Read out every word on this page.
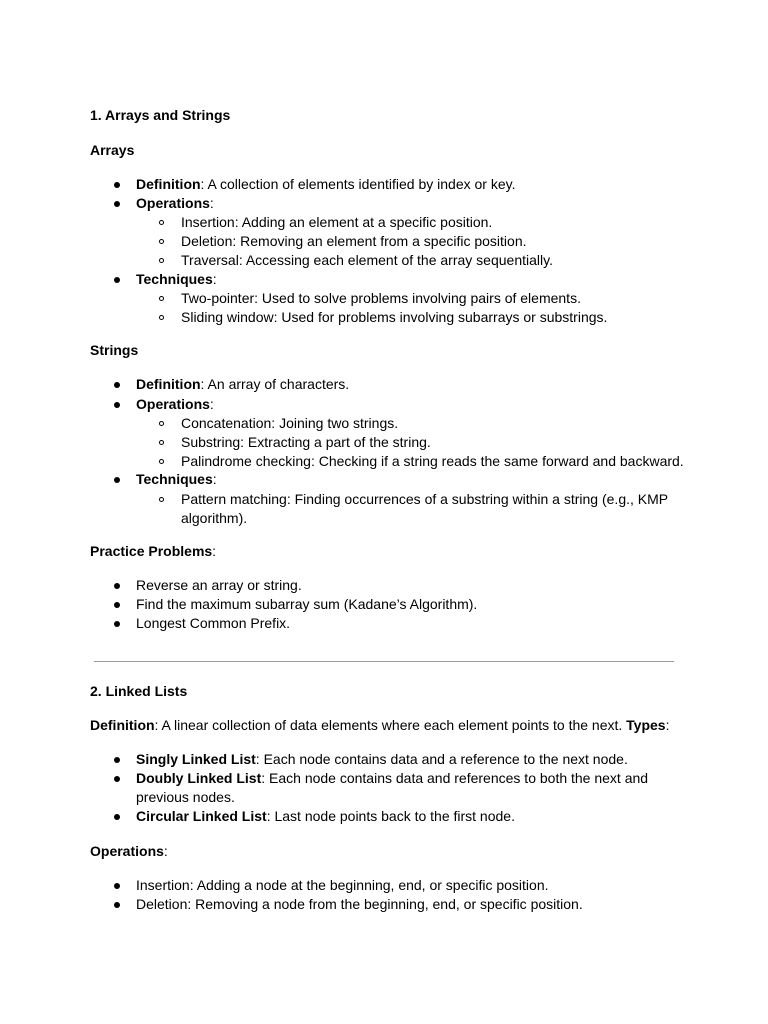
1. Arrays and Strings
Arrays
Definition: A collection of elements identified by index or key.
Operations:
Insertion: Adding an element at a specific position.
Deletion: Removing an element from a specific position.
Traversal: Accessing each element of the array sequentially.
Techniques:
Two-pointer: Used to solve problems involving pairs of elements.
Sliding window: Used for problems involving subarrays or substrings.
Strings
Definition: An array of characters.
Operations:
Concatenation: Joining two strings.
Substring: Extracting a part of the string.
Palindrome checking: Checking if a string reads the same forward and backward.
Techniques:
Pattern matching: Finding occurrences of a substring within a string (e.g., KMP
algorithm).
Practice Problems:
Reverse an array or string.
Find the maximum subarray sum (Kadane’s Algorithm).
Longest Common Prefix.
2. Linked Lists
Definition: A linear collection of data elements where each element points to the next. Types:
Singly Linked List: Each node contains data and a reference to the next node.
Doubly Linked List: Each node contains data and references to both the next and
previous nodes.
Circular Linked List: Last node points back to the first node.
Operations:
Insertion: Adding a node at the beginning, end, or specific position.
Deletion: Removing a node from the beginning, end, or specific position.
